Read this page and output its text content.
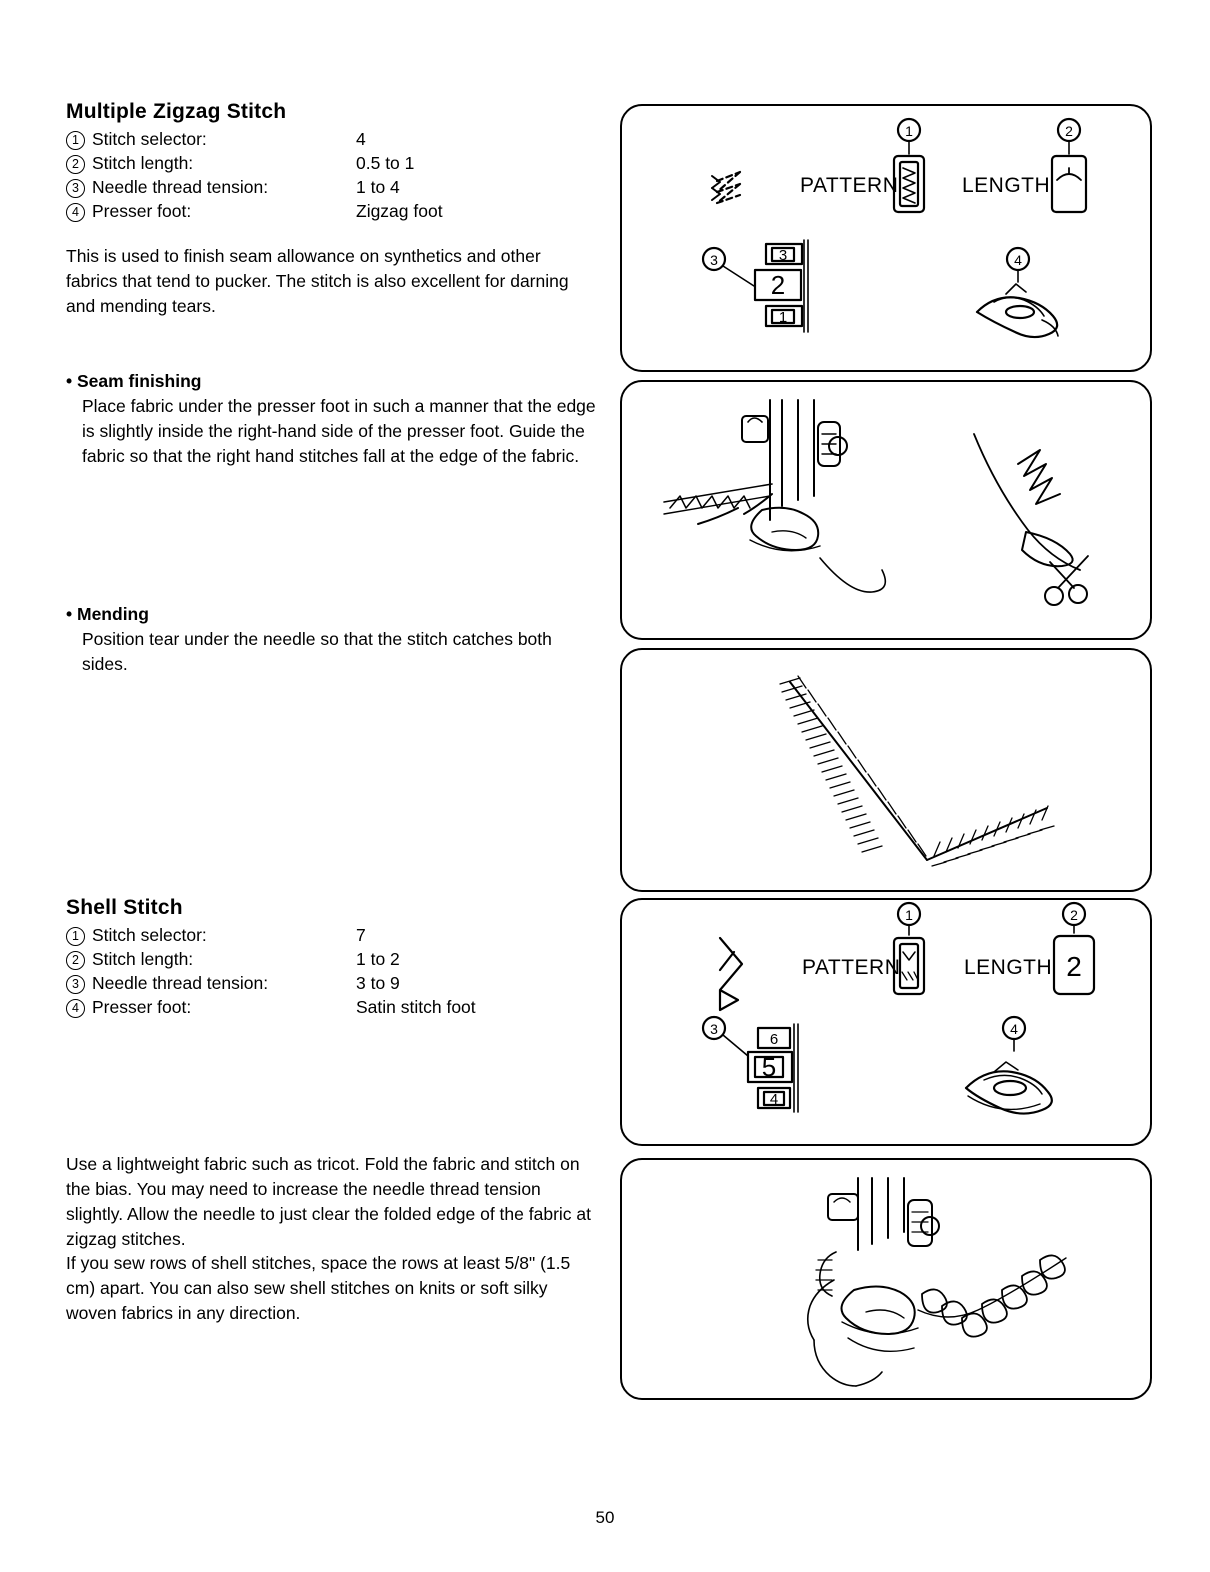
Multiple Zigzag Stitch
1	Stitch selector:	4
2	Stitch length:	0.5 to 1
3	Needle thread tension:	1 to 4
4	Presser foot:	Zigzag foot

This is used to finish seam allowance on synthetics and other fabrics that tend to pucker. The stitch is also excellent for darning and mending tears.

• Seam finishing

Place fabric under the presser foot in such a manner that the edge is slightly inside the right-hand side of the presser foot. Guide the fabric so that the right hand stitches fall at the edge of the fabric.

• Mending

Position tear under the needle so that the stitch catches both sides.

Shell Stitch
1	Stitch selector:	7
2	Stitch length:	1 to 2
3	Needle thread tension:	3 to 9
4	Presser foot:	Satin stitch foot

Use a lightweight fabric such as tricot. Fold the fabric and stitch on the bias. You may need to increase the needle thread tension slightly. Allow the needle to just clear the folded edge of the fabric at zigzag stitches.

If you sew rows of shell stitches, space the rows at least 5/8" (1.5 cm) apart. You can also sew shell stitches on knits or soft silky woven fabrics in any direction.

PATTERN	LENGTH
1	2
3	4
3
2
1
PATTERN	LENGTH
1	2
3	4
2
6
5
4
50
